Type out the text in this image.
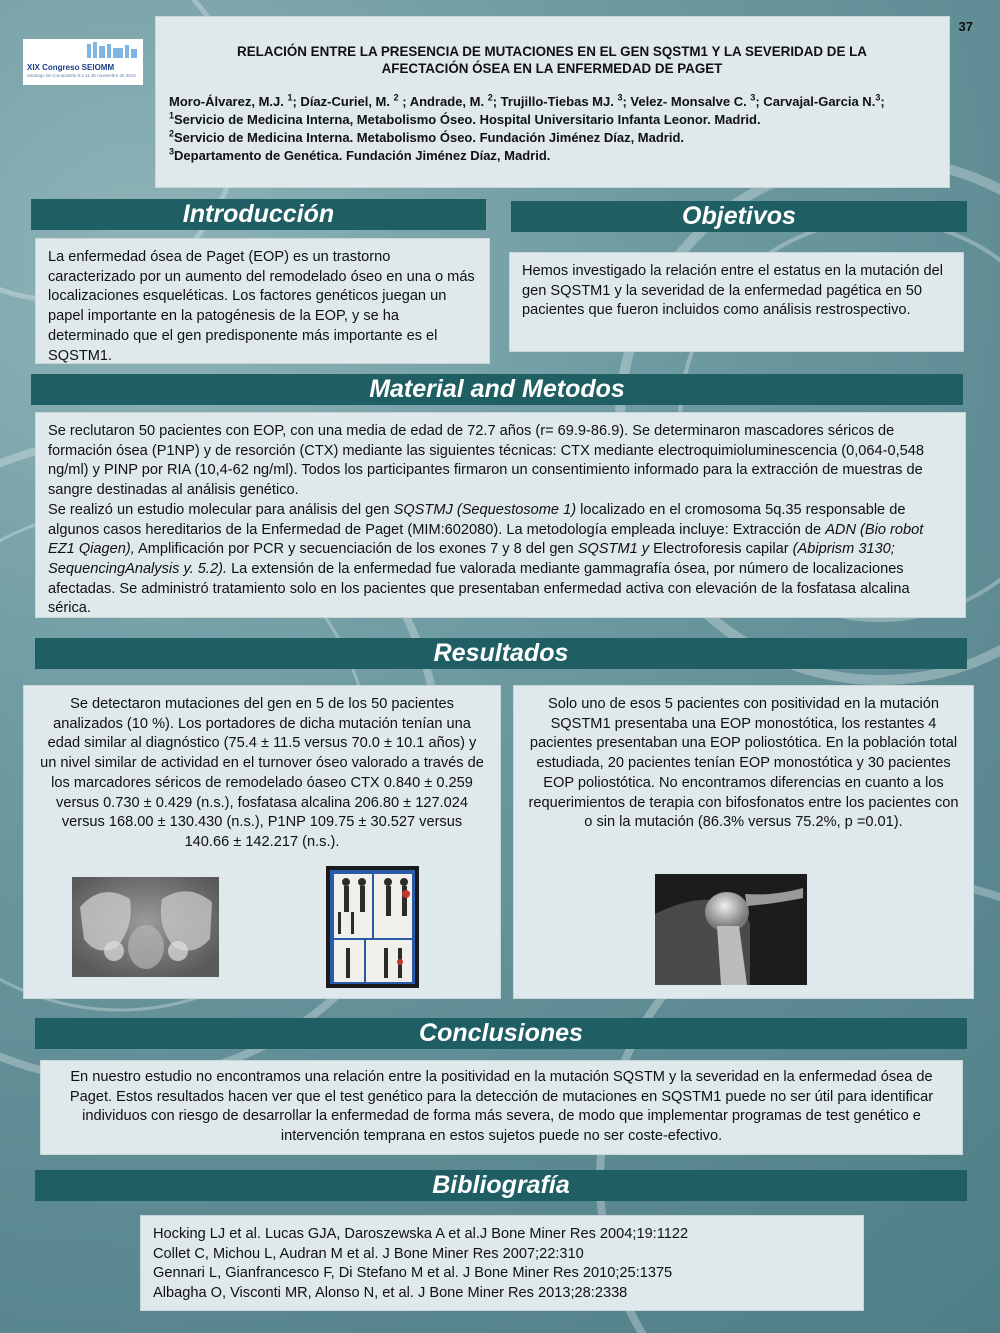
37
XIX Congreso SEIOMM
Santiago de Compostela 9 a 11 de noviembre de 2014

RELACIÓN ENTRE LA PRESENCIA DE MUTACIONES EN EL GEN SQSTM1 Y LA SEVERIDAD DE LA AFECTACIÓN ÓSEA EN LA ENFERMEDAD DE PAGET

Moro-Álvarez, M.J. $^1$; Díaz-Curiel, M. $^2$ ; Andrade, M. $^2$; Trujillo-Tiebas MJ. $^3$; Velez- Monsalve C. $^3$; Carvajal-Garcia N.$^3$;
$^1$Servicio de Medicina Interna, Metabolismo Óseo. Hospital Universitario Infanta Leonor. Madrid.
$^2$Servicio de Medicina Interna. Metabolismo Óseo. Fundación Jiménez Díaz, Madrid.
$^3$Departamento de Genética. Fundación Jiménez Díaz, Madrid.
Introducción
La enfermedad ósea de Paget (EOP) es un trastorno caracterizado por un aumento del remodelado óseo en una o más localizaciones esqueléticas. Los factores genéticos juegan un papel importante en la patogénesis de la EOP, y se ha determinado que el gen predisponente más importante es el SQSTM1.
Objetivos
Hemos investigado la relación entre el estatus en la mutación del gen SQSTM1 y la severidad de la enfermedad pagética en 50 pacientes que fueron incluidos como análisis restrospectivo.
Material and Metodos
Se reclutaron 50 pacientes con EOP, con una media de edad de 72.7 años (r= 69.9-86.9). Se determinaron mascadores séricos de formación ósea (P1NP) y de resorción (CTX) mediante las siguientes técnicas: CTX mediante electroquimioluminescencia (0,064-0,548 ng/ml) y PINP por RIA (10,4-62 ng/ml). Todos los participantes firmaron un consentimiento informado para la extracción de muestras de sangre destinadas al análisis genético.
Se realizó un estudio molecular para análisis del gen SQSTMJ (Sequestosome 1) localizado en el cromosoma 5q.35 responsable de algunos casos hereditarios de la Enfermedad de Paget (MIM:602080). La metodología empleada incluye: Extracción de ADN (Bio robot EZ1 Qiagen), Amplificación por PCR y secuenciación de los exones 7 y 8 del gen SQSTM1 y Electroforesis capilar (Abiprism 3130; SequencingAnalysis y. 5.2). La extensión de la enfermedad fue valorada mediante gammagrafía ósea, por número de localizaciones afectadas. Se administró tratamiento solo en los pacientes que presentaban enfermedad activa con elevación de la fosfatasa alcalina sérica.
Resultados
Se detectaron mutaciones del gen en 5 de los 50 pacientes analizados (10 %). Los portadores de dicha mutación tenían una edad similar al diagnóstico (75.4 ± 11.5 versus 70.0 ± 10.1 años) y un nivel similar de actividad en el turnover óseo valorado a través de los marcadores séricos de remodelado óaseo CTX 0.840 ± 0.259 versus 0.730 ± 0.429 (n.s.), fosfatasa alcalina 206.80 ± 127.024 versus 168.00 ± 130.430 (n.s.), P1NP 109.75 ± 30.527 versus 140.66 ± 142.217 (n.s.).
Solo uno de esos 5 pacientes con positividad en la mutación SQSTM1 presentaba una EOP monostótica, los restantes 4 pacientes presentaban una EOP poliostótica. En la población total estudiada, 20 pacientes tenían EOP monostótica y 30 pacientes EOP poliostótica. No encontramos diferencias en cuanto a los requerimientos de terapia con bifosfonatos entre los pacientes con o sin la mutación (86.3% versus 75.2%, p =0.01).
Conclusiones
En nuestro estudio no encontramos una relación entre la positividad en la mutación SQSTM y la severidad en la enfermedad ósea de Paget. Estos resultados hacen ver que el test genético para la detección de mutaciones en SQSTM1 puede no ser útil para identificar individuos con riesgo de desarrollar la enfermedad de forma más severa, de modo que implementar programas de test genético e intervención temprana en estos sujetos puede no ser coste-efectivo.
Bibliografía
Hocking LJ et al. Lucas GJA, Daroszewska A et al.J Bone Miner Res 2004;19:1122
Collet C, Michou L, Audran M et al. J Bone Miner Res 2007;22:310
Gennari L, Gianfrancesco F, Di Stefano M et al. J Bone Miner Res 2010;25:1375
Albagha O, Visconti MR, Alonso N, et al. J Bone Miner Res 2013;28:2338
